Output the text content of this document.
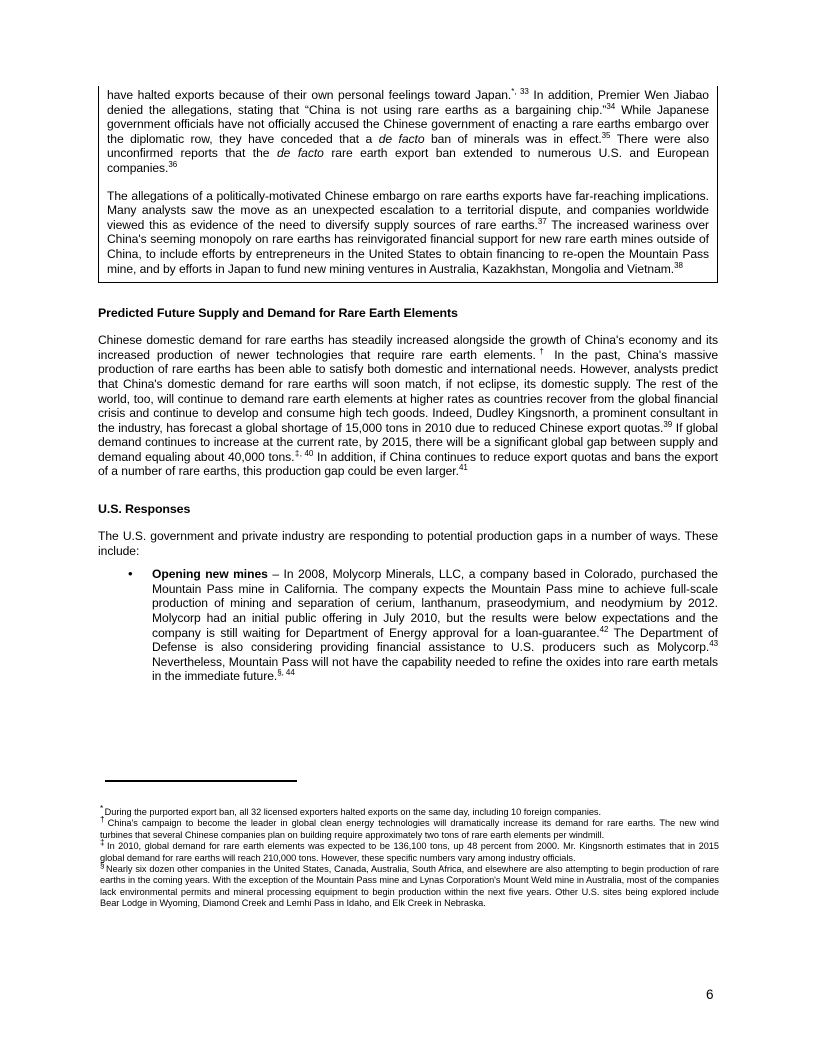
have halted exports because of their own personal feelings toward Japan.$^{*, 33}$ In addition, Premier Wen Jiabao denied the allegations, stating that “China is not using rare earths as a bargaining chip.”$^{34}$ While Japanese government officials have not officially accused the Chinese government of enacting a rare earths embargo over the diplomatic row, they have conceded that a de facto ban of minerals was in effect.$^{35}$ There were also unconfirmed reports that the de facto rare earth export ban extended to numerous U.S. and European companies.$^{36}$

The allegations of a politically-motivated Chinese embargo on rare earths exports have far-reaching implications. Many analysts saw the move as an unexpected escalation to a territorial dispute, and companies worldwide viewed this as evidence of the need to diversify supply sources of rare earths.$^{37}$ The increased wariness over China's seeming monopoly on rare earths has reinvigorated financial support for new rare earth mines outside of China, to include efforts by entrepreneurs in the United States to obtain financing to re-open the Mountain Pass mine, and by efforts in Japan to fund new mining ventures in Australia, Kazakhstan, Mongolia and Vietnam.$^{38}$

Predicted Future Supply and Demand for Rare Earth Elements

Chinese domestic demand for rare earths has steadily increased alongside the growth of China's economy and its increased production of newer technologies that require rare earth elements.† In the past, China's massive production of rare earths has been able to satisfy both domestic and international needs. However, analysts predict that China's domestic demand for rare earths will soon match, if not eclipse, its domestic supply. The rest of the world, too, will continue to demand rare earth elements at higher rates as countries recover from the global financial crisis and continue to develop and consume high tech goods. Indeed, Dudley Kingsnorth, a prominent consultant in the industry, has forecast a global shortage of 15,000 tons in 2010 due to reduced Chinese export quotas.$^{39}$ If global demand continues to increase at the current rate, by 2015, there will be a significant global gap between supply and demand equaling about 40,000 tons.$^{\ddagger, 40}$ In addition, if China continues to reduce export quotas and bans the export of a number of rare earths, this production gap could be even larger.$^{41}$

U.S. Responses

The U.S. government and private industry are responding to potential production gaps in a number of ways. These include:

• Opening new mines – In 2008, Molycorp Minerals, LLC, a company based in Colorado, purchased the Mountain Pass mine in California. The company expects the Mountain Pass mine to achieve full-scale production of mining and separation of cerium, lanthanum, praseodymium, and neodymium by 2012. Molycorp had an initial public offering in July 2010, but the results were below expectations and the company is still waiting for Department of Energy approval for a loan-guarantee.$^{42}$ The Department of Defense is also considering providing financial assistance to U.S. producers such as Molycorp.$^{43}$ Nevertheless, Mountain Pass will not have the capability needed to refine the oxides into rare earth metals in the immediate future.$^{\S, 44}$

* During the purported export ban, all 32 licensed exporters halted exports on the same day, including 10 foreign companies.

† China's campaign to become the leader in global clean energy technologies will dramatically increase its demand for rare earths. The new wind turbines that several Chinese companies plan on building require approximately two tons of rare earth elements per windmill.

‡ In 2010, global demand for rare earth elements was expected to be 136,100 tons, up 48 percent from 2000. Mr. Kingsnorth estimates that in 2015 global demand for rare earths will reach 210,000 tons. However, these specific numbers vary among industry officials.

§ Nearly six dozen other companies in the United States, Canada, Australia, South Africa, and elsewhere are also attempting to begin production of rare earths in the coming years. With the exception of the Mountain Pass mine and Lynas Corporation's Mount Weld mine in Australia, most of the companies lack environmental permits and mineral processing equipment to begin production within the next five years. Other U.S. sites being explored include Bear Lodge in Wyoming, Diamond Creek and Lemhi Pass in Idaho, and Elk Creek in Nebraska.

6
